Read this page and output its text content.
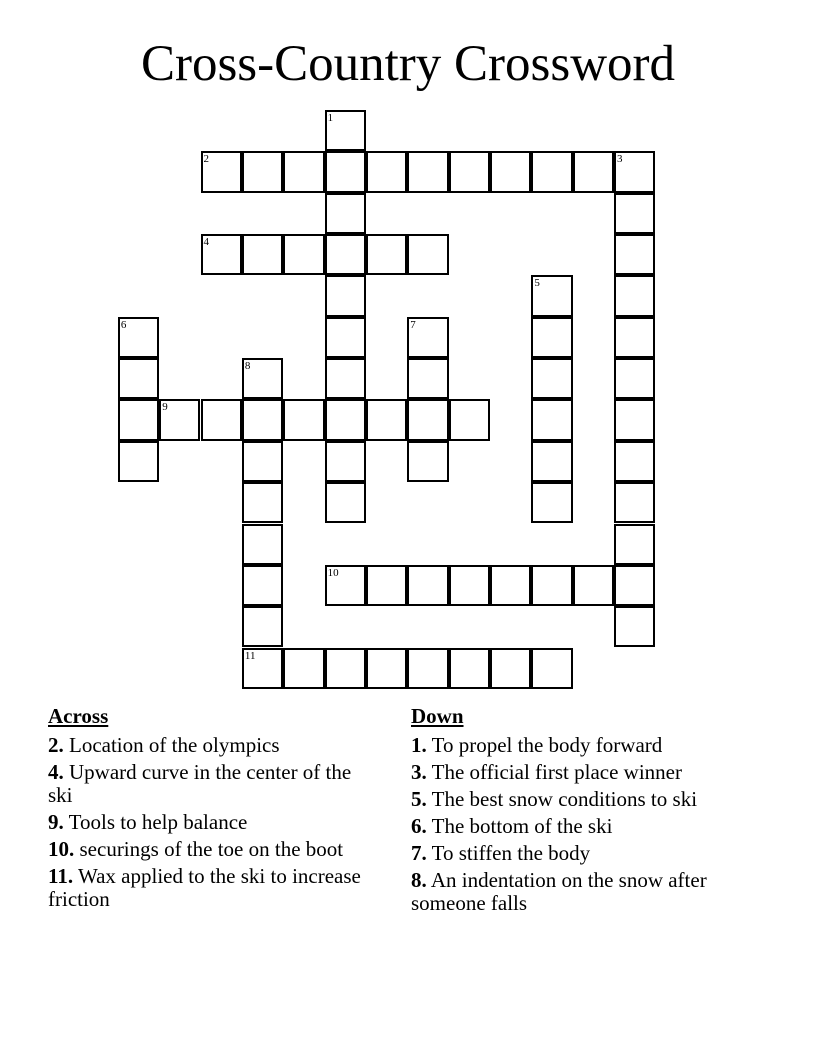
Cross-Country Crossword
1
2	3
4
5
6	7
8
9
10
11
Across
2. Location of the olympics
4. Upward curve in the center of the ski
9. Tools to help balance
10. securings of the toe on the boot
11. Wax applied to the ski to increase friction
Down
1. To propel the body forward
3. The official first place winner
5. The best snow conditions to ski
6. The bottom of the ski
7. To stiffen the body
8. An indentation on the snow after someone falls
